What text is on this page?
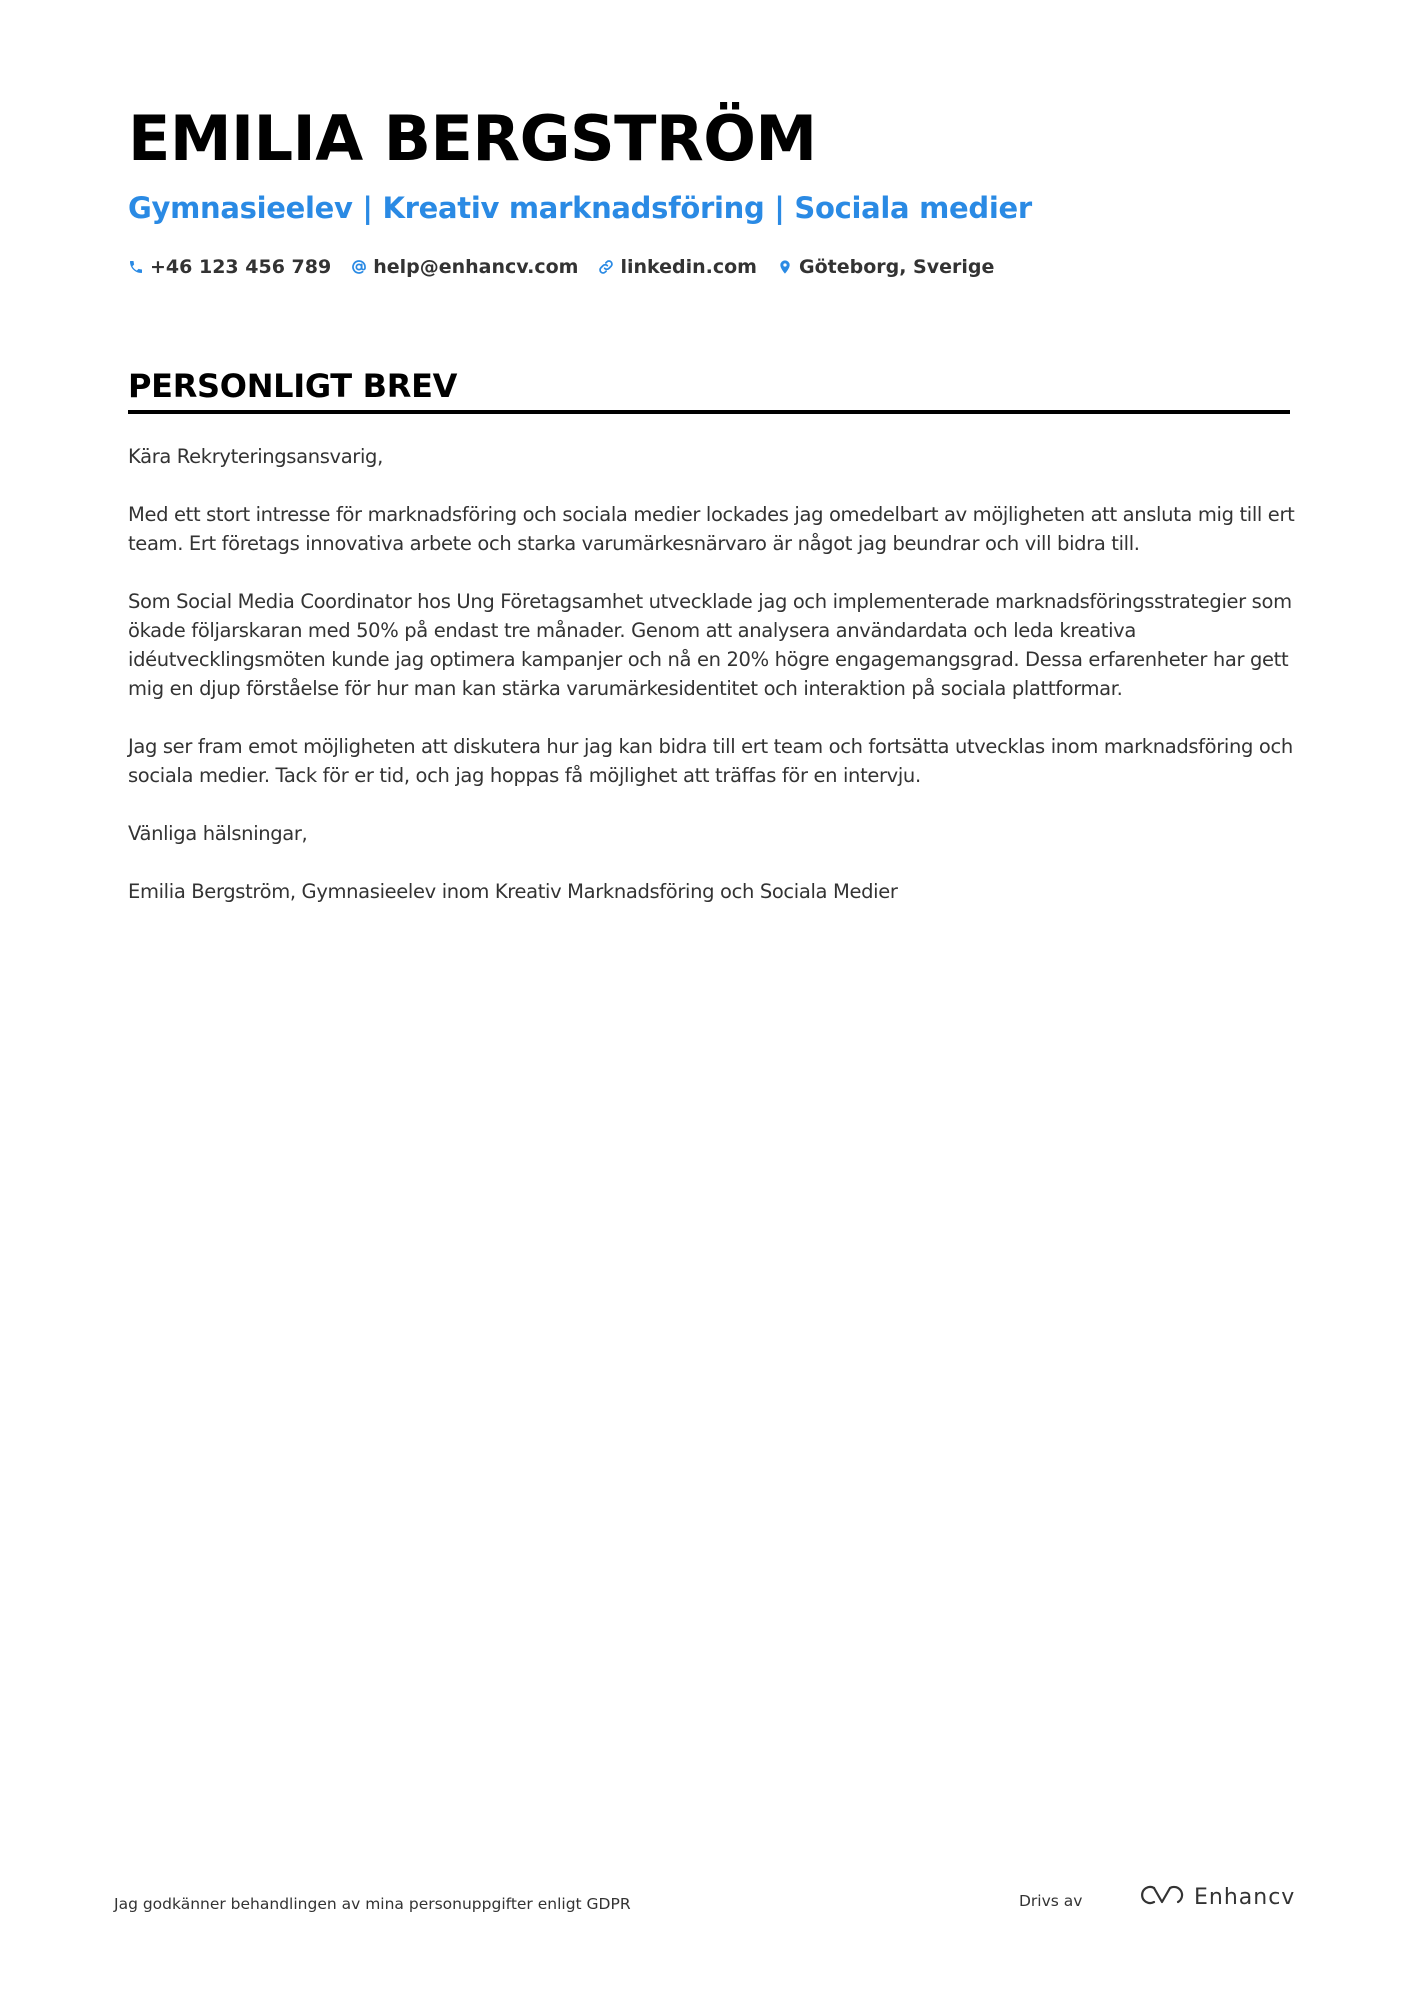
EMILIA BERGSTRÖM
Gymnasieelev | Kreativ marknadsföring | Sociala medier
+46 123 456 789 help@enhancv.com linkedin.com Göteborg, Sverige
PERSONLIGT BREV

Kära Rekryteringsansvarig,

Med ett stort intresse för marknadsföring och sociala medier lockades jag omedelbart av möjligheten att ansluta mig till ert team. Ert företags innovativa arbete och starka varumärkesnärvaro är något jag beundrar och vill bidra till.

Som Social Media Coordinator hos Ung Företagsamhet utvecklade jag och implementerade marknadsföringsstrategier som ökade följarskaran med 50% på endast tre månader. Genom att analysera användardata och leda kreativa idéutvecklingsmöten kunde jag optimera kampanjer och nå en 20% högre engagemangsgrad. Dessa erfarenheter har gett mig en djup förståelse för hur man kan stärka varumärkesidentitet och interaktion på sociala plattformar.

Jag ser fram emot möjligheten att diskutera hur jag kan bidra till ert team och fortsätta utvecklas inom marknadsföring och sociala medier. Tack för er tid, och jag hoppas få möjlighet att träffas för en intervju.

Vänliga hälsningar,

Emilia Bergström, Gymnasieelev inom Kreativ Marknadsföring och Sociala Medier

Jag godkänner behandlingen av mina personuppgifter enligt GDPR	Drivs av	Enhancv
